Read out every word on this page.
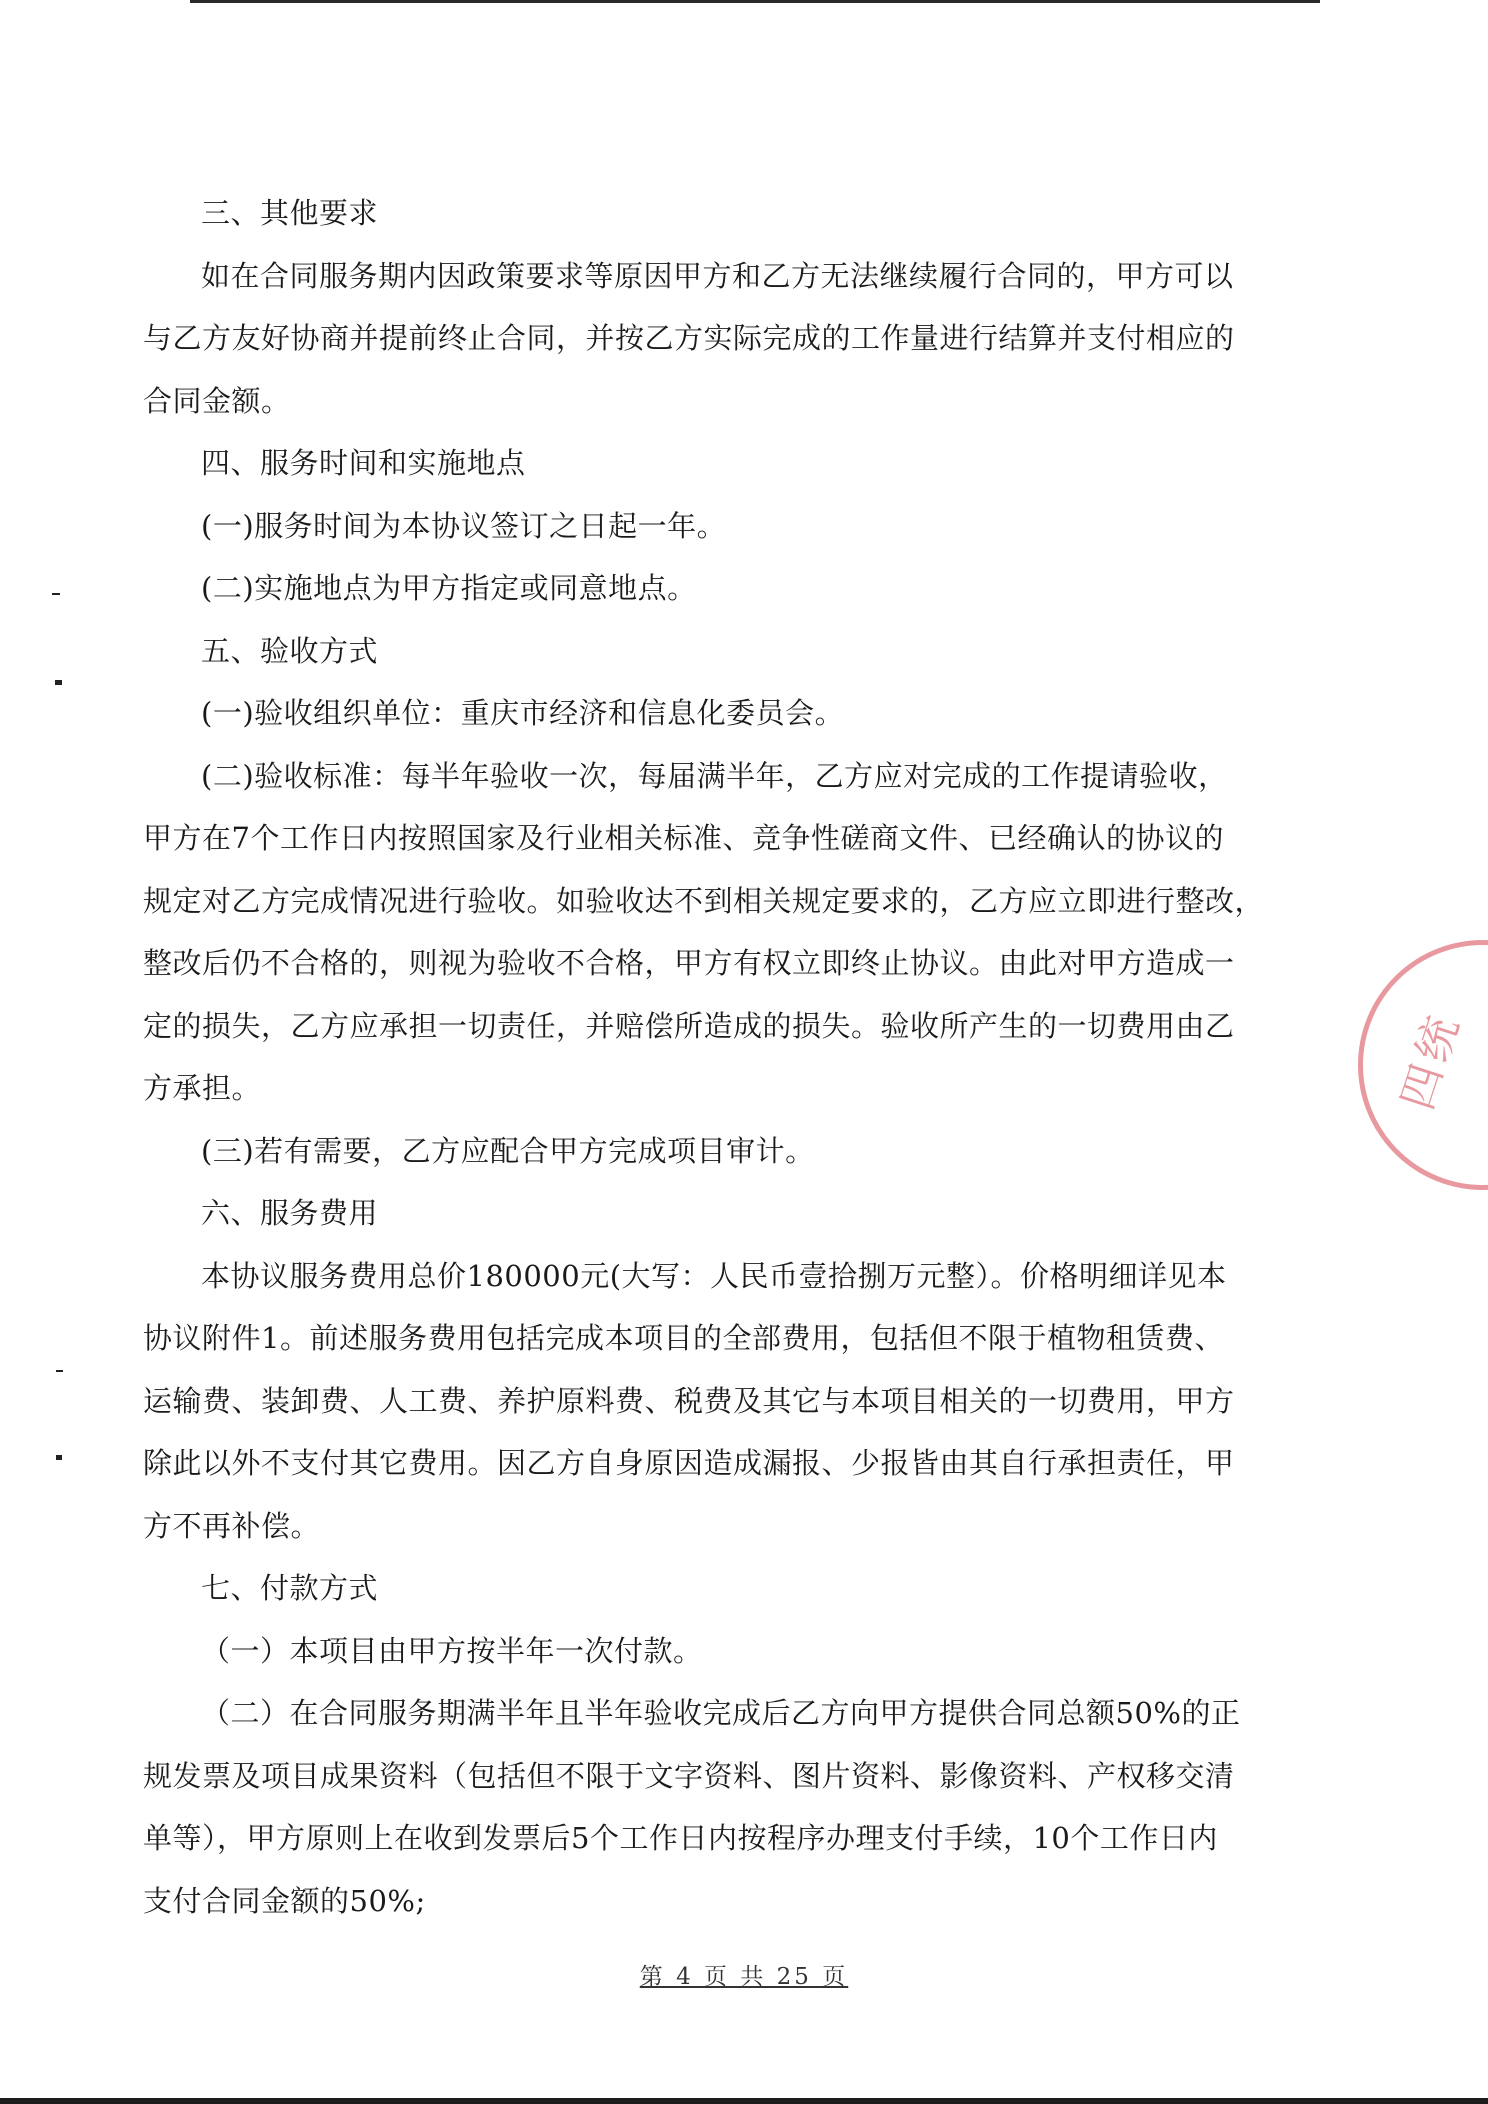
三、其他要求
如在合同服务期内因政策要求等原因甲方和乙方无法继续履行合同的，甲方可以
与乙方友好协商并提前终止合同，并按乙方实际完成的工作量进行结算并支付相应的
合同金额。
四、服务时间和实施地点
(一)服务时间为本协议签订之日起一年。
(二)实施地点为甲方指定或同意地点。
五、验收方式
(一)验收组织单位：重庆市经济和信息化委员会。
(二)验收标准：每半年验收一次，每届满半年，乙方应对完成的工作提请验收，
甲方在7个工作日内按照国家及行业相关标准、竞争性磋商文件、已经确认的协议的
规定对乙方完成情况进行验收。如验收达不到相关规定要求的，乙方应立即进行整改，
整改后仍不合格的，则视为验收不合格，甲方有权立即终止协议。由此对甲方造成一
定的损失，乙方应承担一切责任，并赔偿所造成的损失。验收所产生的一切费用由乙
方承担。
(三)若有需要，乙方应配合甲方完成项目审计。
六、服务费用
本协议服务费用总价180000元(大写：人民币壹拾捌万元整）。价格明细详见本
协议附件1。前述服务费用包括完成本项目的全部费用，包括但不限于植物租赁费、
运输费、装卸费、人工费、养护原料费、税费及其它与本项目相关的一切费用，甲方
除此以外不支付其它费用。因乙方自身原因造成漏报、少报皆由其自行承担责任，甲
方不再补偿。
七、付款方式
（一）本项目由甲方按半年一次付款。
（二）在合同服务期满半年且半年验收完成后乙方向甲方提供合同总额50%的正
规发票及项目成果资料（包括但不限于文字资料、图片资料、影像资料、产权移交清
单等），甲方原则上在收到发票后5个工作日内按程序办理支付手续，10个工作日内
支付合同金额的50%;
四统
第 4 页 共 25 页
